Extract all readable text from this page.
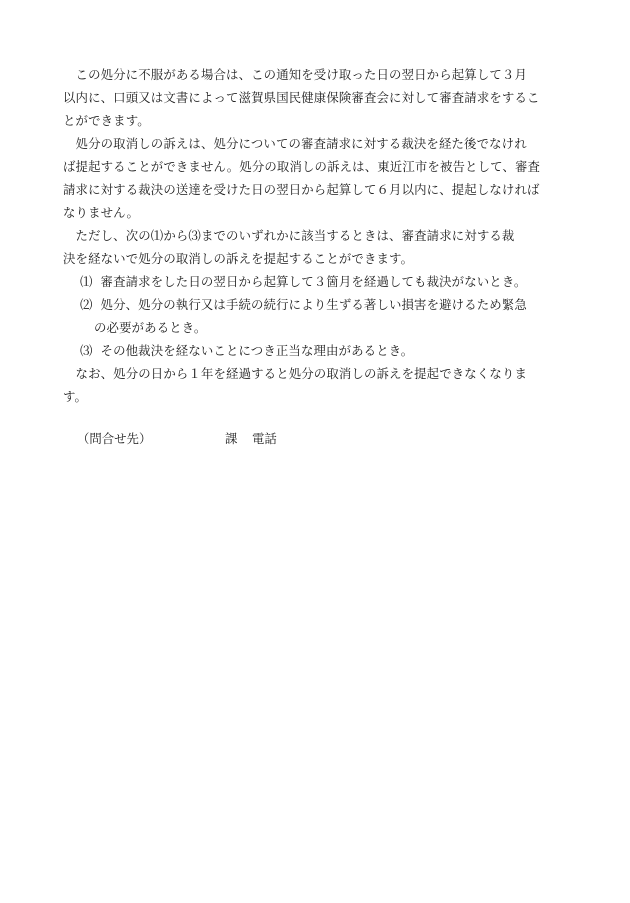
　この処分に不服がある場合は、この通知を受け取った日の翌日から起算して３月
以内に、口頭又は文書によって滋賀県国民健康保険審査会に対して審査請求をするこ
とができます。
　処分の取消しの訴えは、処分についての審査請求に対する裁決を経た後でなけれ
ば提起することができません。処分の取消しの訴えは、東近江市を被告として、審査
請求に対する裁決の送達を受けた日の翌日から起算して６月以内に、提起しなければ
なりません。
　ただし、次の⑴から⑶までのいずれかに該当するときは、審査請求に対する裁
決を経ないで処分の取消しの訴えを提起することができます。
⑴ 審査請求をした日の翌日から起算して３箇月を経過しても裁決がないとき。
⑵ 処分、処分の執行又は手続の続行により生ずる著しい損害を避けるため緊急
の必要があるとき。
⑶ その他裁決を経ないことにつき正当な理由があるとき。
　なお、処分の日から１年を経過すると処分の取消しの訴えを提起できなくなりま
す。
（問合せ先）	課 電話
